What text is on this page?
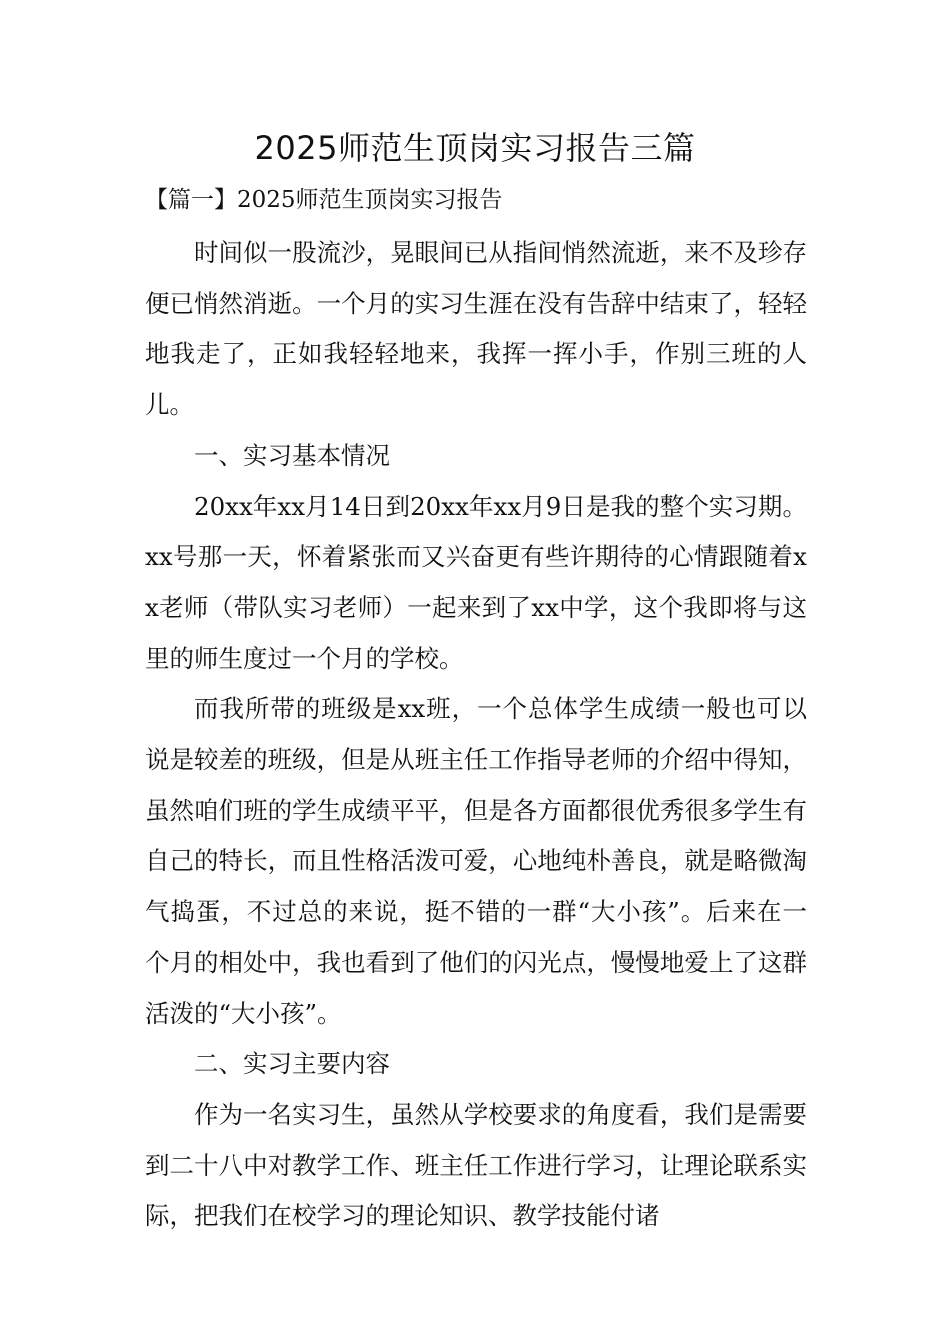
2025师范生顶岗实习报告三篇
【篇一】2025师范生顶岗实习报告

时间似一股流沙，晃眼间已从指间悄然流逝，来不及珍存便已悄然消逝。一个月的实习生涯在没有告辞中结束了，轻轻地我走了，正如我轻轻地来，我挥一挥小手，作别三班的人儿。

一、实习基本情况

20xx年xx月14日到20xx年xx月9日是我的整个实习期。xx号那一天，怀着紧张而又兴奋更有些许期待的心情跟随着xx老师（带队实习老师）一起来到了xx中学，这个我即将与这里的师生度过一个月的学校。

而我所带的班级是xx班，一个总体学生成绩一般也可以说是较差的班级，但是从班主任工作指导老师的介绍中得知，虽然咱们班的学生成绩平平，但是各方面都很优秀很多学生有自己的特长，而且性格活泼可爱，心地纯朴善良，就是略微淘气捣蛋，不过总的来说，挺不错的一群“大小孩”。后来在一个月的相处中，我也看到了他们的闪光点，慢慢地爱上了这群活泼的“大小孩”。

二、实习主要内容

作为一名实习生，虽然从学校要求的角度看，我们是需要到二十八中对教学工作、班主任工作进行学习，让理论联系实际，把我们在校学习的理论知识、教学技能付诸
